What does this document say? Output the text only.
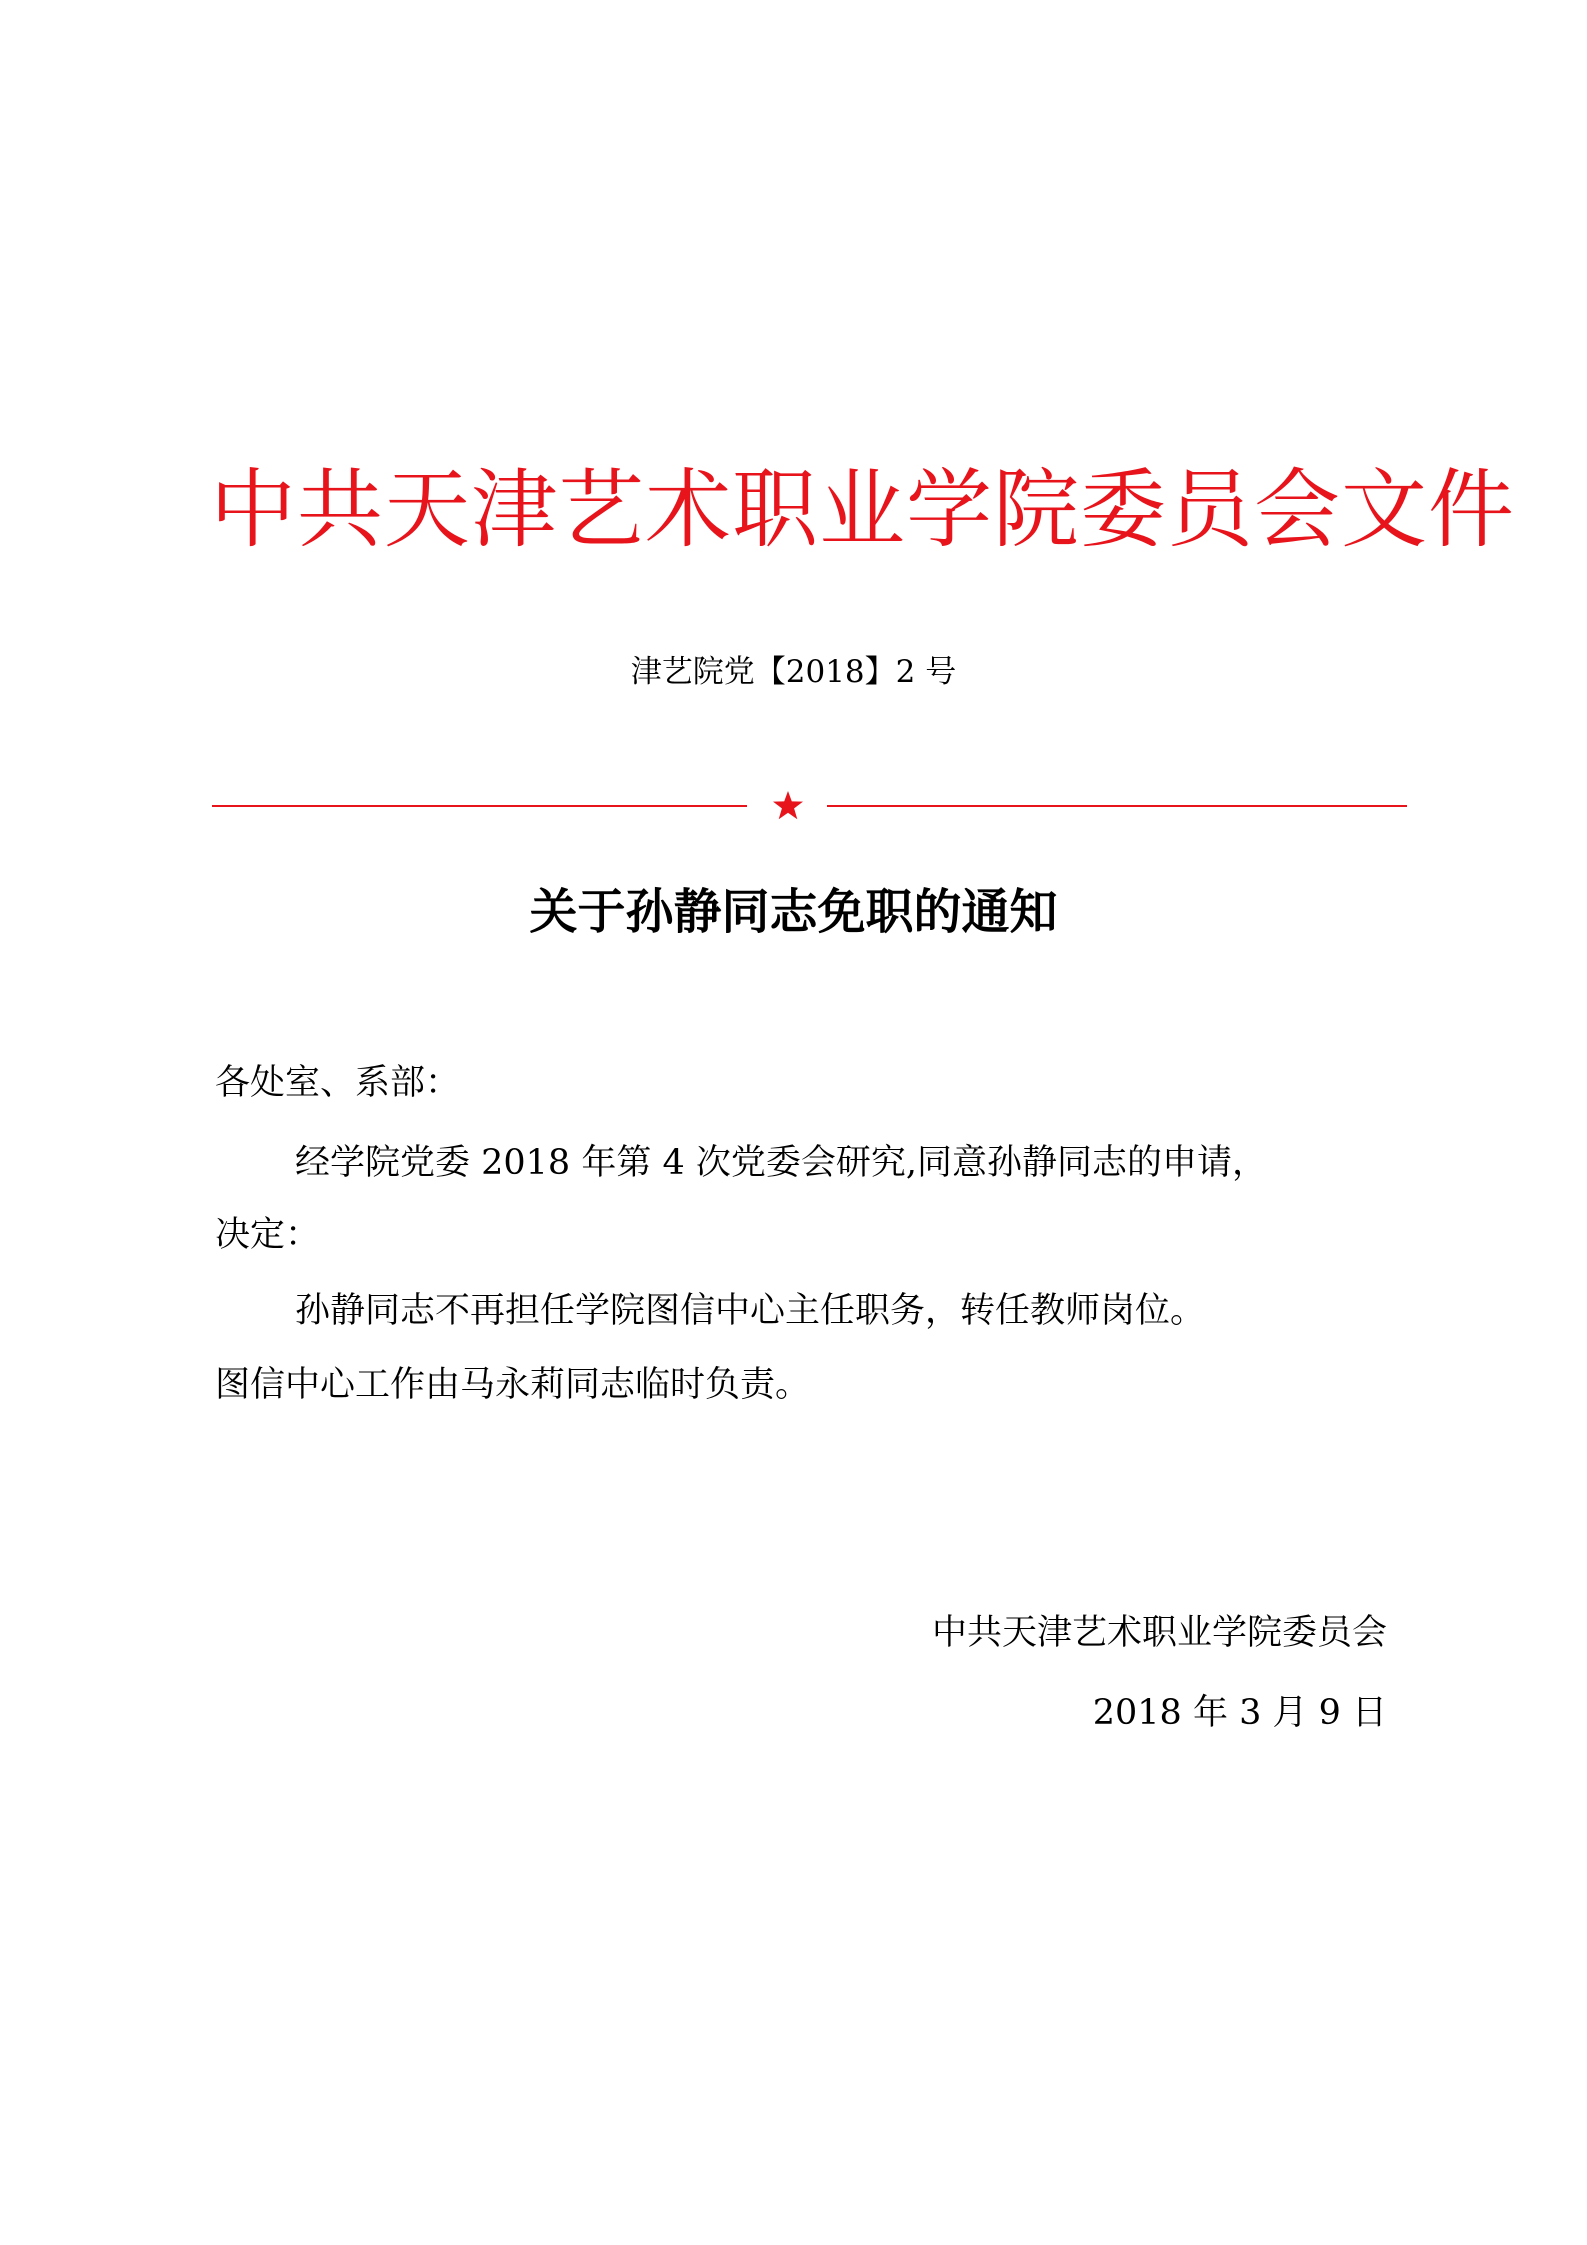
中共天津艺术职业学院委员会文件
津艺院党【2018】2 号
关于孙静同志免职的通知
各处室、系部：
经学院党委 2018 年第 4 次党委会研究,同意孙静同志的申请，
决定：
孙静同志不再担任学院图信中心主任职务，转任教师岗位。
图信中心工作由马永莉同志临时负责。
中共天津艺术职业学院委员会
2018 年 3 月 9 日
